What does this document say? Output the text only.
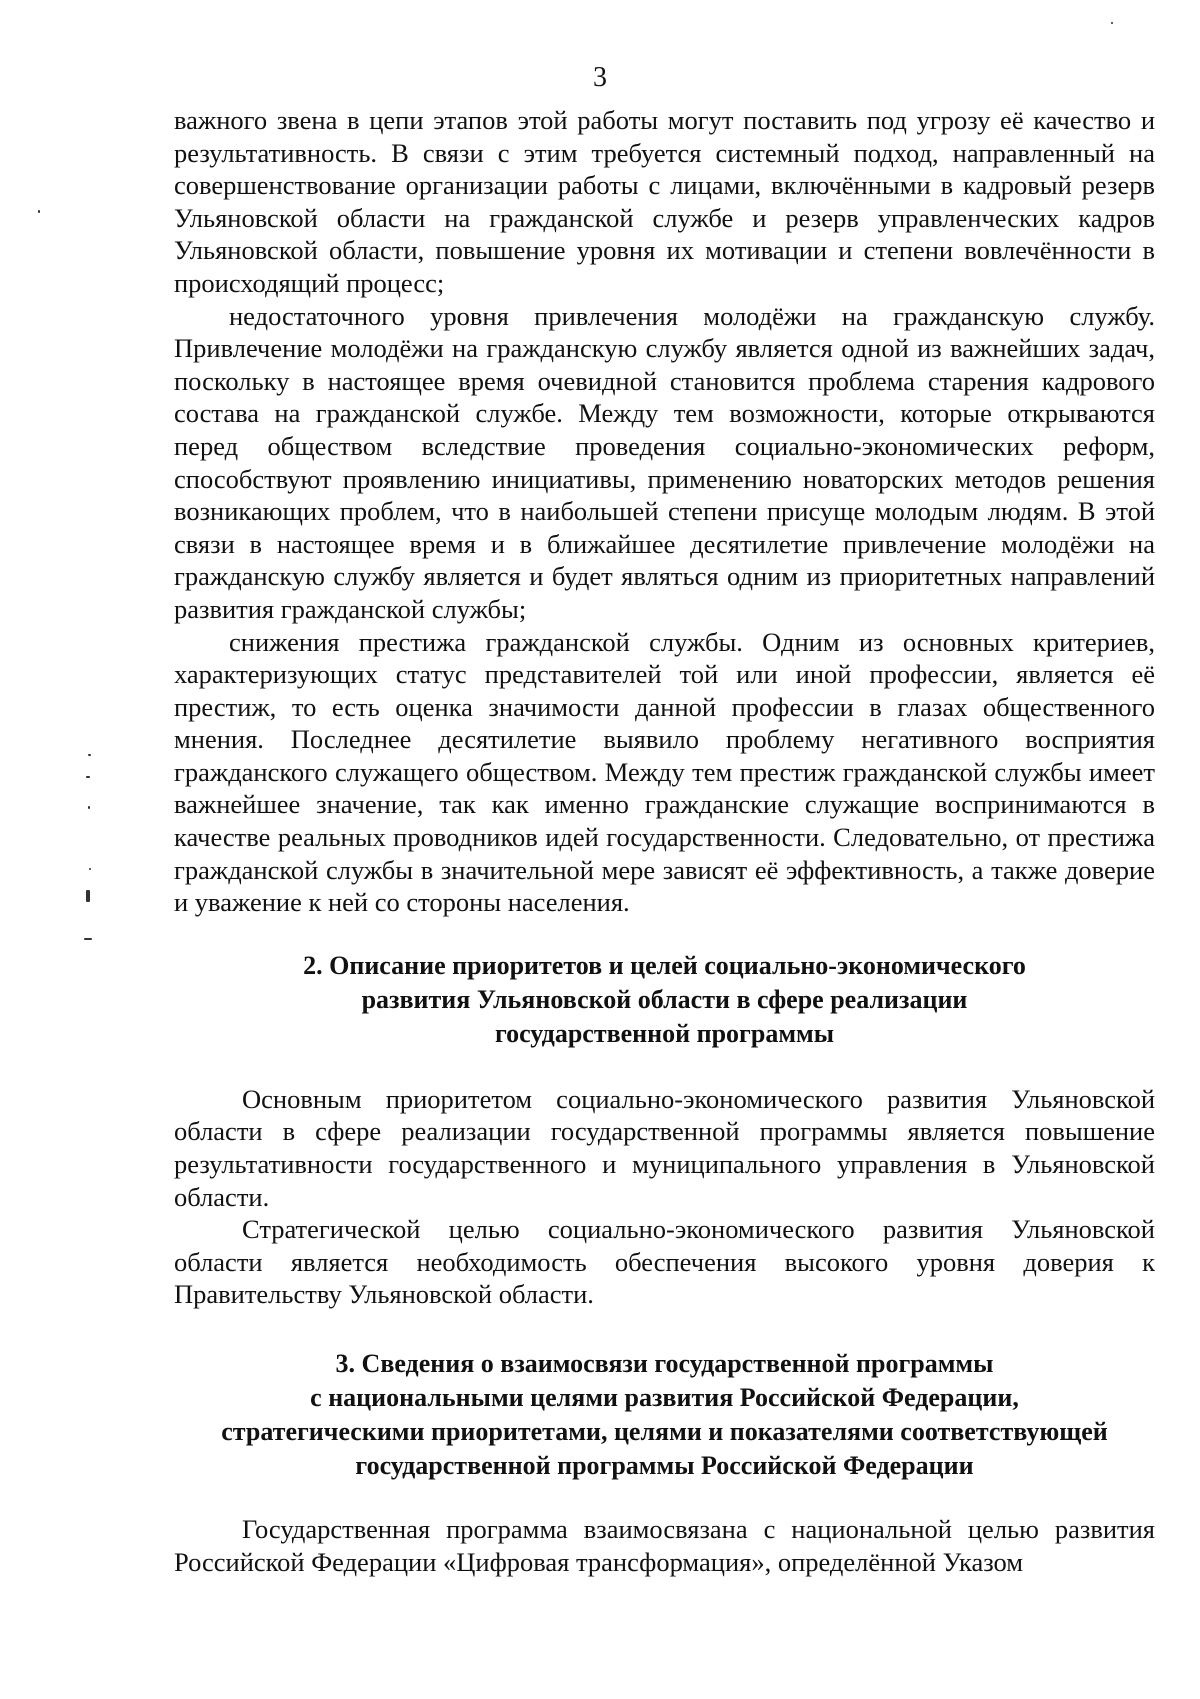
3

важного звена в цепи этапов этой работы могут поставить под угрозу её качество и результативность. В связи с этим требуется системный подход, направленный на совершенствование организации работы с лицами, включёнными в кадровый резерв Ульяновской области на гражданской службе и резерв управленческих кадров Ульяновской области, повышение уровня их мотивации и степени вовлечённости в происходящий процесс;

недостаточного уровня привлечения молодёжи на гражданскую службу. Привлечение молодёжи на гражданскую службу является одной из важнейших задач, поскольку в настоящее время очевидной становится проблема старения кадрового состава на гражданской службе. Между тем возможности, которые открываются перед обществом вследствие проведения социально-экономических реформ, способствуют проявлению инициативы, применению новаторских методов решения возникающих проблем, что в наибольшей степени присуще молодым людям. В этой связи в настоящее время и в ближайшее десятилетие привлечение молодёжи на гражданскую службу является и будет являться одним из приоритетных направлений развития гражданской службы;

снижения престижа гражданской службы. Одним из основных критериев, характеризующих статус представителей той или иной профессии, является её престиж, то есть оценка значимости данной профессии в глазах общественного мнения. Последнее десятилетие выявило проблему негативного восприятия гражданского служащего обществом. Между тем престиж гражданской службы имеет важнейшее значение, так как именно гражданские служащие воспринимаются в качестве реальных проводников идей государственности. Следовательно, от престижа гражданской службы в значительной мере зависят её эффективность, а также доверие и уважение к ней со стороны населения.

2. Описание приоритетов и целей социально-экономического

развития Ульяновской области в сфере реализации

государственной программы

Основным приоритетом социально-экономического развития Ульяновской области в сфере реализации государственной программы является повышение результативности государственного и муниципального управления в Ульяновской области.

Стратегической целью социально-экономического развития Ульяновской области является необходимость обеспечения высокого уровня доверия к Правительству Ульяновской области.

3. Сведения о взаимосвязи государственной программы

с национальными целями развития Российской Федерации,

стратегическими приоритетами, целями и показателями соответствующей

государственной программы Российской Федерации

Государственная программа взаимосвязана с национальной целью развития Российской Федерации «Цифровая трансформация», определённой Указом
